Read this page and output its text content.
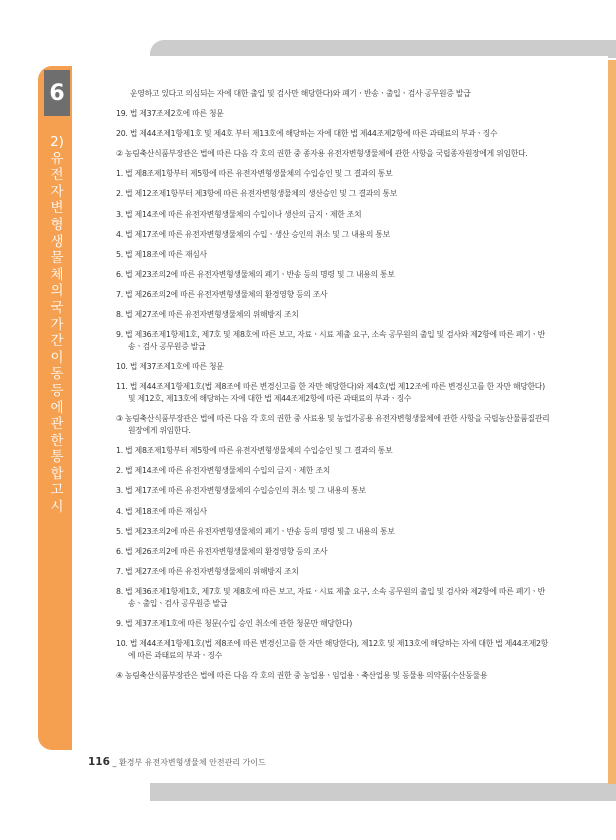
6
2) 유전자변형생물체의 국가간 이동 등에 관한 통합고시
운영하고 있다고 의심되는 자에 대한 출입 및 검사만 해당한다)와 폐기ㆍ반송ㆍ출입ㆍ검사 공무원증 발급
19. 법 제37조제2호에 따른 청문
20. 법 제44조제1항제1호 및 제4호 부터 제13호에 해당하는 자에 대한 법 제44조제2항에 따른 과태료의 부과ㆍ징수
② 농림축산식품부장관은 법에 따른 다음 각 호의 권한 중 종자용 유전자변형생물체에 관한 사항을 국립종자원장에게 위임한다.
1. 법 제8조제1항부터 제5항에 따른 유전자변형생물체의 수입승인 및 그 결과의 통보
2. 법 제12조제1항부터 제3항에 따른 유전자변형생물체의 생산승인 및 그 결과의 통보
3. 법 제14조에 따른 유전자변형생물체의 수입이나 생산의 금지ㆍ제한 조치
4. 법 제17조에 따른 유전자변형생물체의 수입ㆍ생산 승인의 취소 및 그 내용의 통보
5. 법 제18조에 따른 재심사
6. 법 제23조의2에 따른 유전자변형생물체의 폐기ㆍ반송 등의 명령 및 그 내용의 통보
7. 법 제26조의2에 따른 유전자변형생물체의 환경영향 등의 조사
8. 법 제27조에 따른 유전자변형생물체의 위해방지 조치
9. 법 제36조제1항제1호, 제7호 및 제8호에 따른 보고, 자료ㆍ시료 제출 요구, 소속 공무원의 출입 및 검사와 제2항에 따른 폐기ㆍ반송ㆍ검사 공무원증 발급
10. 법 제37조제1호에 따른 청문
11. 법 제44조제1항제1호(법 제8조에 따른 변경신고를 한 자만 해당한다)와 제4호(법 제12조에 따른 변경신고를 한 자만 해당한다) 및 제12호, 제13호에 해당하는 자에 대한 법 제44조제2항에 따른 과태료의 부과ㆍ징수
③ 농림축산식품부장관은 법에 따른 다음 각 호의 권한 중 사료용 및 농업가공용 유전자변형생물체에 관한 사항을 국립농산물품질관리원장에게 위임한다.
1. 법 제8조제1항부터 제5항에 따른 유전자변형생물체의 수입승인 및 그 결과의 통보
2. 법 제14조에 따른 유전자변형생물체의 수입의 금지ㆍ제한 조치
3. 법 제17조에 따른 유전자변형생물체의 수입승인의 취소 및 그 내용의 통보
4. 법 제18조에 따른 재심사
5. 법 제23조의2에 따른 유전자변형생물체의 폐기ㆍ반송 등의 명령 및 그 내용의 통보
6. 법 제26조의2에 따른 유전자변형생물체의 환경영향 등의 조사
7. 법 제27조에 따른 유전자변형생물체의 위해방지 조치
8. 법 제36조제1항제1호, 제7호 및 제8호에 따른 보고, 자료ㆍ시료 제출 요구, 소속 공무원의 출입 및 검사와 제2항에 따른 폐기ㆍ반송ㆍ출입ㆍ검사 공무원증 발급
9. 법 제37조제1호에 따른 청문(수입 승인 취소에 관한 청문만 해당한다)
10. 법 제44조제1항제1호(법 제8조에 따른 변경신고를 한 자만 해당한다), 제12호 및 제13호에 해당하는 자에 대한 법 제44조제2항에 따른 과태료의 부과ㆍ징수
④ 농림축산식품부장관은 법에 따른 다음 각 호의 권한 중 농업용ㆍ임업용ㆍ축산업용 및 동물용 의약품(수산동물용
116 _ 환경부 유전자변형생물체 안전관리 가이드
